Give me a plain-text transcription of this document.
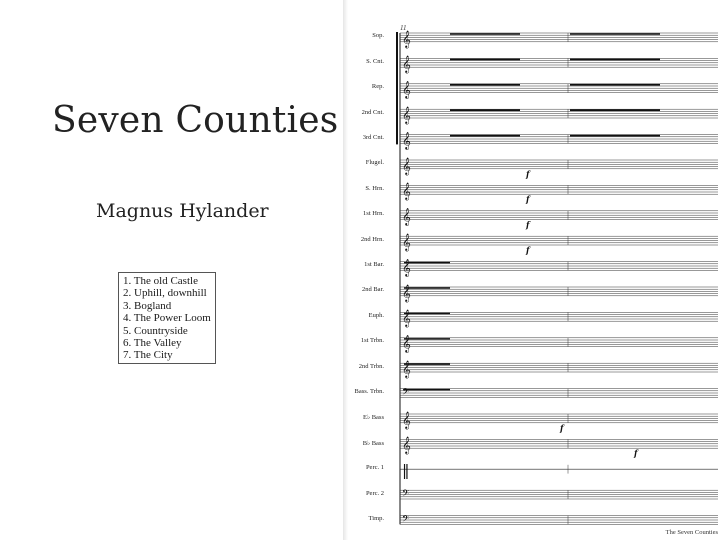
Seven Counties
Magnus Hylander
1. The old Castle
2. Uphill, downhill
3. Bogland
4. The Power Loom
5. Countryside
6. The Valley
7. The City
𝄞
𝄞
𝄞
𝄞
𝄞
𝄞	f
𝄞	f
𝄞	f
𝄞	f
𝄞
𝄞
𝄞
𝄞
𝄞
𝄢
𝄞	f
𝄞	f
‖
𝄢
𝄢
11
Sop.
S. Cnt.
Rep.
2nd Cnt.
3rd Cnt.
Flugel.
S. Hrn.
1st Hrn.
2nd Hrn.
1st Bar.
2nd Bar.
Euph.
1st Trbn.
2nd Trbn.
Bass. Trbn.
E♭ Bass
B♭ Bass
Perc. 1
Perc. 2
Timp.
The Seven Counties
